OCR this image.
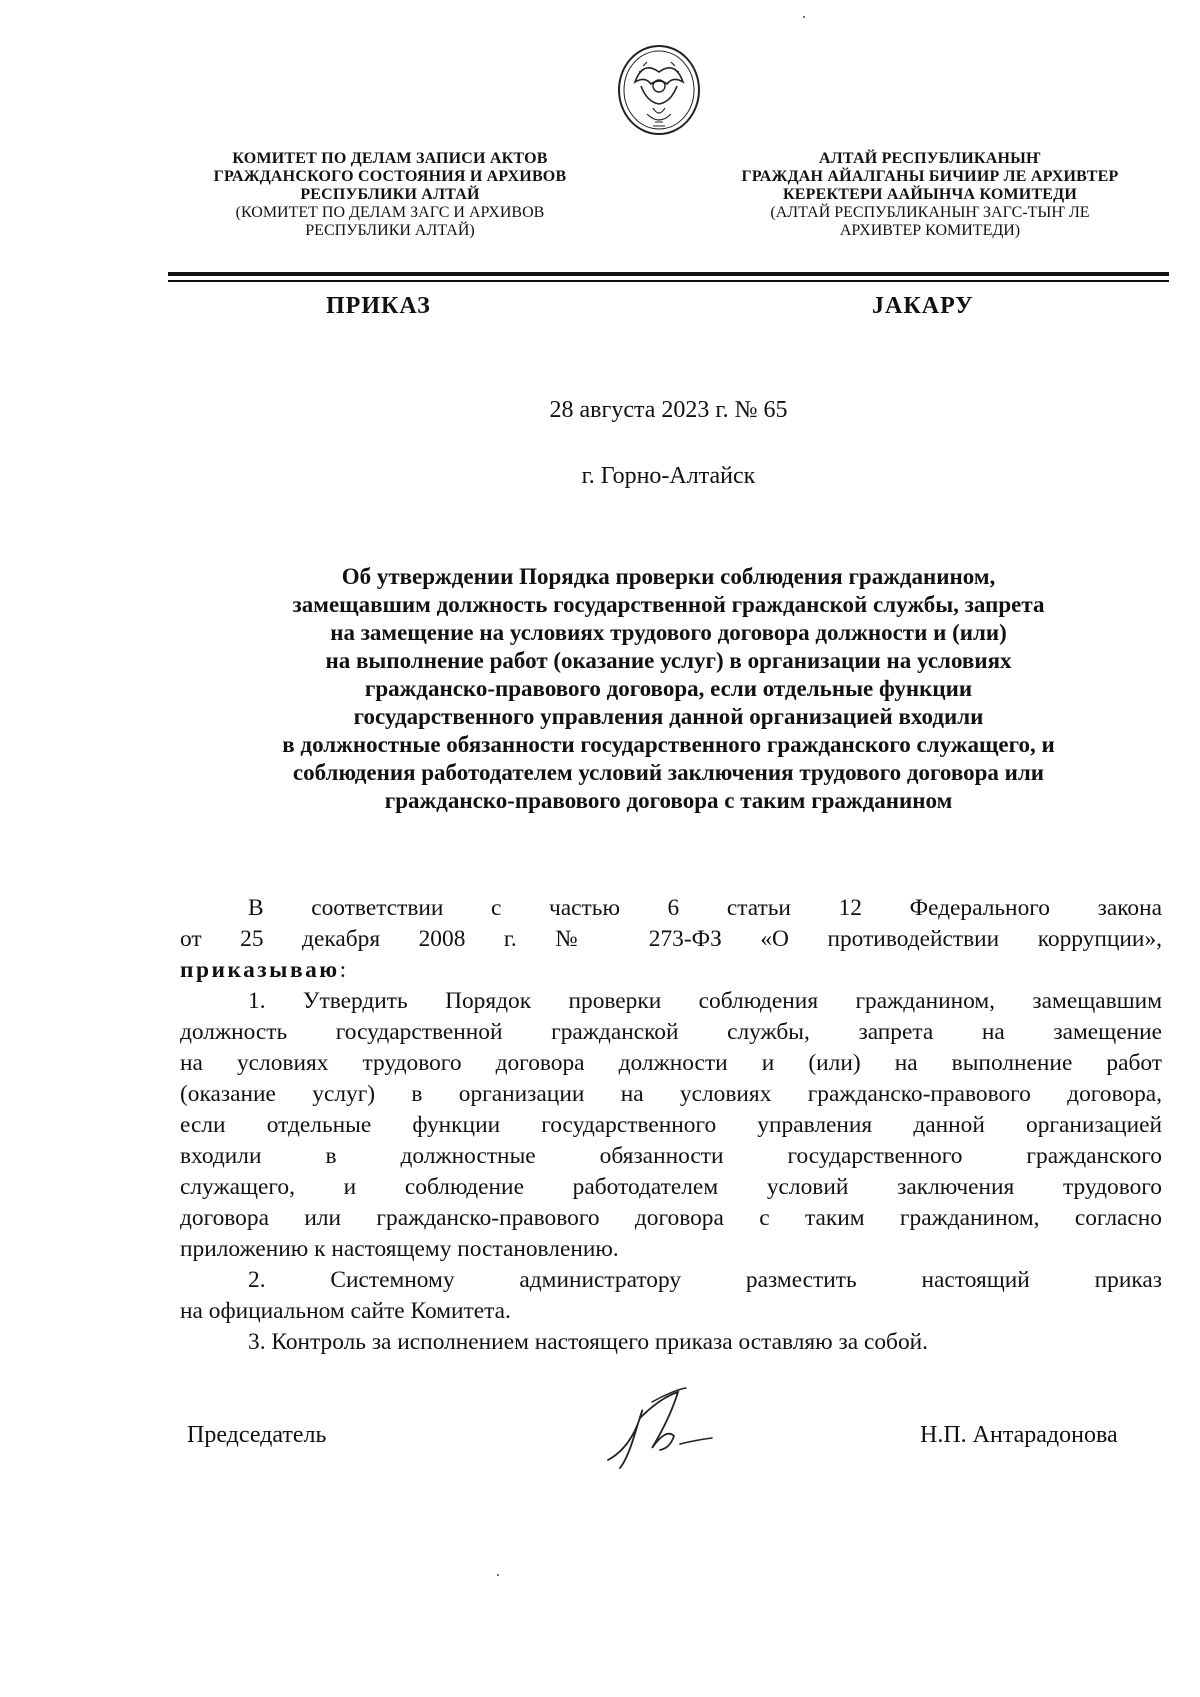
КОМИТЕТ ПО ДЕЛАМ ЗАПИСИ АКТОВ
ГРАЖДАНСКОГО СОСТОЯНИЯ И АРХИВОВ
РЕСПУБЛИКИ АЛТАЙ
(КОМИТЕТ ПО ДЕЛАМ ЗАГС И АРХИВОВ
РЕСПУБЛИКИ АЛТАЙ)
АЛТАЙ РЕСПУБЛИКАНЫҤ
ГРАЖДАН АЙАЛГАНЫ БИЧИИР ЛЕ АРХИВТЕР
КЕРЕКТЕРИ ААЙЫНЧА КОМИТЕДИ
(АЛТАЙ РЕСПУБЛИКАНЫҤ ЗАГС-ТЫҤ ЛЕ
АРХИВТЕР КОМИТЕДИ)
ПРИКАЗ	JАКАРУ
28 августа 2023 г. № 65
г. Горно-Алтайск
Об утверждении Порядка проверки соблюдения гражданином,
замещавшим должность государственной гражданской службы, запрета
на замещение на условиях трудового договора должности и (или)
на выполнение работ (оказание услуг) в организации на условиях
гражданско-правового договора, если отдельные функции
государственного управления данной организацией входили
в должностные обязанности государственного гражданского служащего, и
соблюдения работодателем условий заключения трудового договора или
гражданско-правового договора с таким гражданином
В соответствии с частью 6 статьи 12 Федерального закона
от 25 декабря 2008 г. № 273-ФЗ «О противодействии коррупции»,
приказываю:
1. Утвердить Порядок проверки соблюдения гражданином, замещавшим
должность государственной гражданской службы, запрета на замещение
на условиях трудового договора должности и (или) на выполнение работ
(оказание услуг) в организации на условиях гражданско-правового договора,
если отдельные функции государственного управления данной организацией
входили в должностные обязанности государственного гражданского
служащего, и соблюдение работодателем условий заключения трудового
договора или гражданско-правового договора с таким гражданином, согласно
приложению к настоящему постановлению.
2. Системному администратору разместить настоящий приказ
на официальном сайте Комитета.
3. Контроль за исполнением настоящего приказа оставляю за собой.
Председатель	Н.П. Антарадонова
